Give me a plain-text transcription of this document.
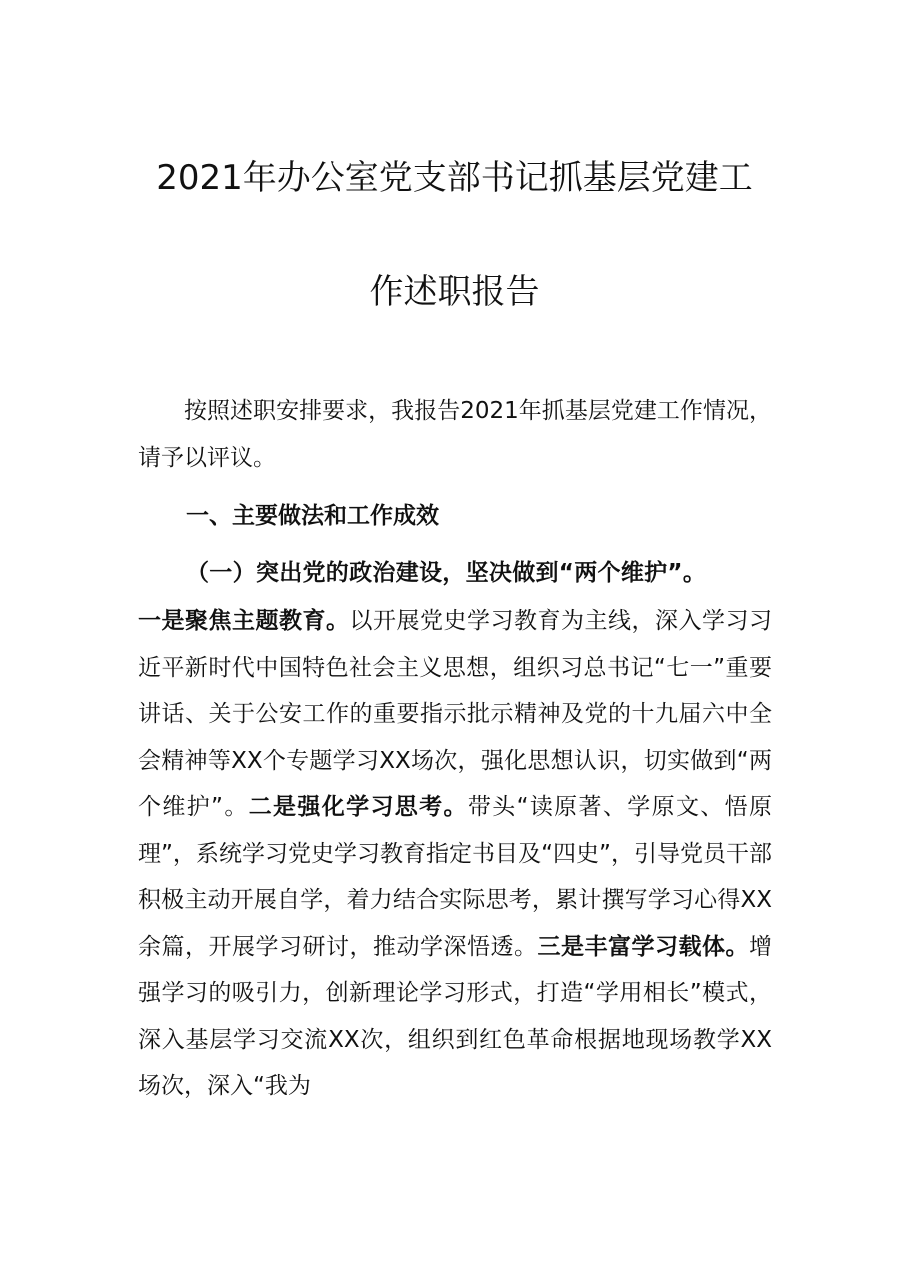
2021年办公室党支部书记抓基层党建工
作述职报告
按照述职安排要求，我报告2021年抓基层党建工作情况，请予以评议。
一、主要做法和工作成效
（一）突出党的政治建设，坚决做到“两个维护”。
一是聚焦主题教育。以开展党史学习教育为主线，深入学习习近平新时代中国特色社会主义思想，组织习总书记“七一”重要讲话、关于公安工作的重要指示批示精神及党的十九届六中全会精神等XX个专题学习XX场次，强化思想认识，切实做到“两个维护”。二是强化学习思考。带头“读原著、学原文、悟原理”，系统学习党史学习教育指定书目及“四史”，引导党员干部积极主动开展自学，着力结合实际思考，累计撰写学习心得XX余篇，开展学习研讨，推动学深悟透。三是丰富学习载体。增强学习的吸引力，创新理论学习形式，打造“学用相长”模式，深入基层学习交流XX次，组织到红色革命根据地现场教学XX场次，深入“我为
